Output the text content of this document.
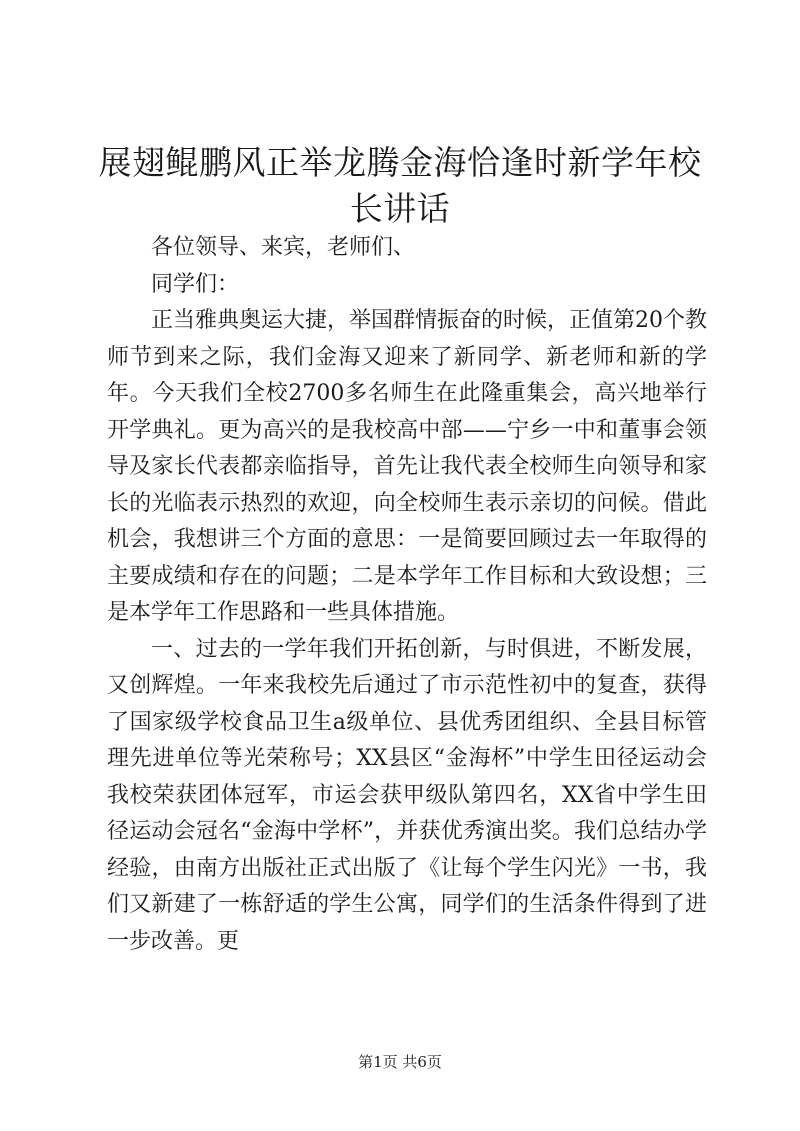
展翅鲲鹏风正举龙腾金海恰逢时新学年校长讲话

各位领导、来宾，老师们、

同学们：

正当雅典奥运大捷，举国群情振奋的时候，正值第20个教师节到来之际，我们金海又迎来了新同学、新老师和新的学年。今天我们全校2700多名师生在此隆重集会，高兴地举行开学典礼。更为高兴的是我校高中部——宁乡一中和董事会领导及家长代表都亲临指导，首先让我代表全校师生向领导和家长的光临表示热烈的欢迎，向全校师生表示亲切的问候。借此机会，我想讲三个方面的意思：一是简要回顾过去一年取得的主要成绩和存在的问题；二是本学年工作目标和大致设想；三是本学年工作思路和一些具体措施。

一、过去的一学年我们开拓创新，与时俱进，不断发展，又创辉煌。一年来我校先后通过了市示范性初中的复查，获得了国家级学校食品卫生a级单位、县优秀团组织、全县目标管理先进单位等光荣称号；XX县区“金海杯”中学生田径运动会我校荣获团体冠军，市运会获甲级队第四名，XX省中学生田径运动会冠名“金海中学杯”，并获优秀演出奖。我们总结办学经验，由南方出版社正式出版了《让每个学生闪光》一书，我们又新建了一栋舒适的学生公寓，同学们的生活条件得到了进一步改善。更

第1页 共6页
